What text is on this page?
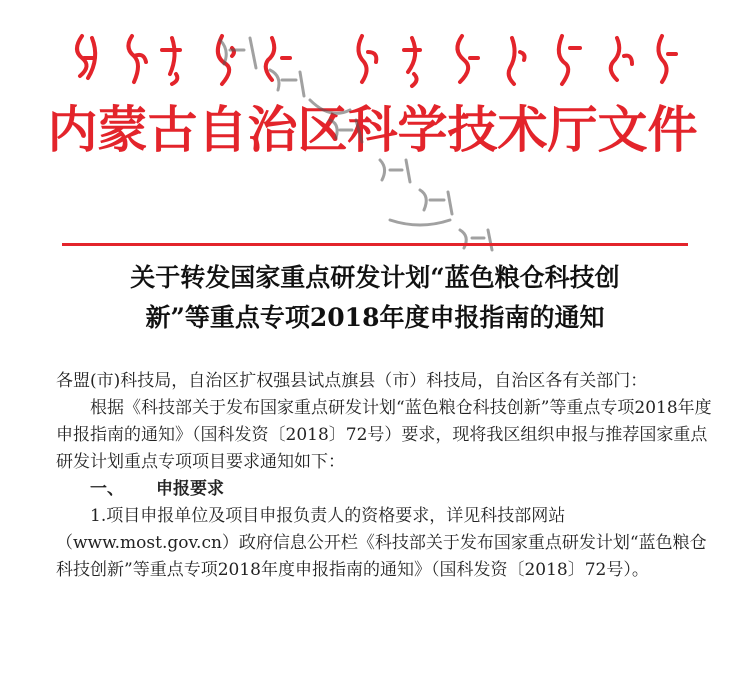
内蒙古自治区科学技术厅文件
关于转发国家重点研发计划“蓝色粮仓科技创
新”等重点专项2018年度申报指南的通知

各盟(市)科技局，自治区扩权强县试点旗县（市）科技局，自治区各有关部门：

根据《科技部关于发布国家重点研发计划“蓝色粮仓科技创新”等重点专项2018年度申报指南的通知》（国科发资〔2018〕72号）要求，现将我区组织申报与推荐国家重点研发计划重点专项项目要求通知如下：

一、 申报要求

1.项目申报单位及项目申报负责人的资格要求，详见科技部网站（www.most.gov.cn）政府信息公开栏《科技部关于发布国家重点研发计划“蓝色粮仓科技创新”等重点专项2018年度申报指南的通知》（国科发资〔2018〕72号）。
